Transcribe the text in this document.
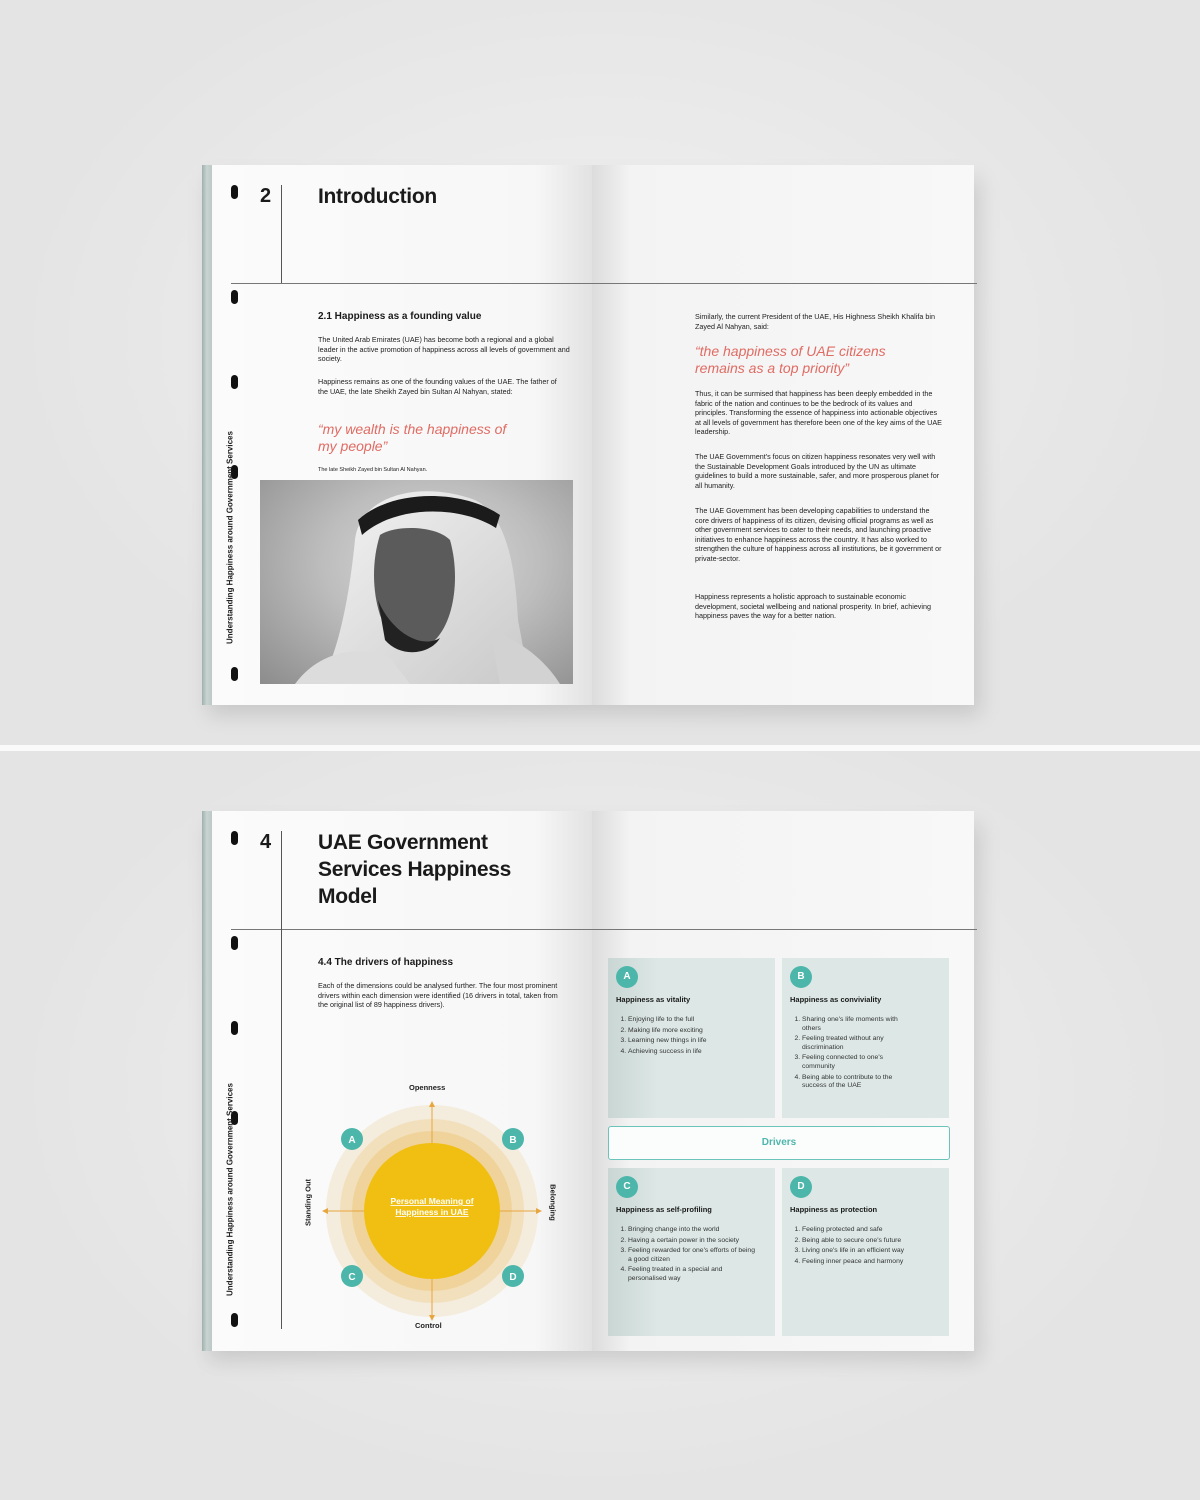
Understanding Happiness around Government Services
2 Introduction
2.1 Happiness as a founding value
The United Arab Emirates (UAE) has become both a regional and a global leader in the active promotion of happiness across all levels of government and society.
Happiness remains as one of the founding values of the UAE. The father of the UAE, the late Sheikh Zayed bin Sultan Al Nahyan, stated:
“my wealth is the happiness of my people”
The late Sheikh Zayed bin Sultan Al Nahyan.
Similarly, the current President of the UAE, His Highness Sheikh Khalifa bin Zayed Al Nahyan, said:
“the happiness of UAE citizens remains as a top priority”
Thus, it can be surmised that happiness has been deeply embedded in the fabric of the nation and continues to be the bedrock of its values and principles. Transforming the essence of happiness into actionable objectives at all levels of government has therefore been one of the key aims of the UAE leadership.
The UAE Government's focus on citizen happiness resonates very well with the Sustainable Development Goals introduced by the UN as ultimate guidelines to build a more sustainable, safer, and more prosperous planet for all humanity.
The UAE Government has been developing capabilities to understand the core drivers of happiness of its citizen, devising official programs as well as other government services to cater to their needs, and launching proactive initiatives to enhance happiness across the country. It has also worked to strengthen the culture of happiness across all institutions, be it government or private-sector.
Happiness represents a holistic approach to sustainable economic development, societal wellbeing and national prosperity. In brief, achieving happiness paves the way for a better nation.
Understanding Happiness around Government Services
4 UAE Government
Services Happiness
Model
4.4 The drivers of happiness
Each of the dimensions could be analysed further. The four most prominent drivers within each dimension were identified (16 drivers in total, taken from the original list of 89 happiness drivers).
A	B
C	D
Personal Meaning of
Happiness in UAE
Openness
Control
Standing Out	Belonging
A
Happiness as vitality
1. Enjoying life to the full
2. Making life more exciting
3. Learning new things in life
4. Achieving success in life
B
Happiness as conviviality
1. Sharing one's life moments with others
2. Feeling treated without any discrimination
3. Feeling connected to one's community
4. Being able to contribute to the success of the UAE
Drivers
C
Happiness as self-profiling
1. Bringing change into the world
2. Having a certain power in the society
3. Feeling rewarded for one's efforts of being a good citizen
4. Feeling treated in a special and personalised way
D
Happiness as protection
1. Feeling protected and safe
2. Being able to secure one's future
3. Living one's life in an efficient way
4. Feeling inner peace and harmony
